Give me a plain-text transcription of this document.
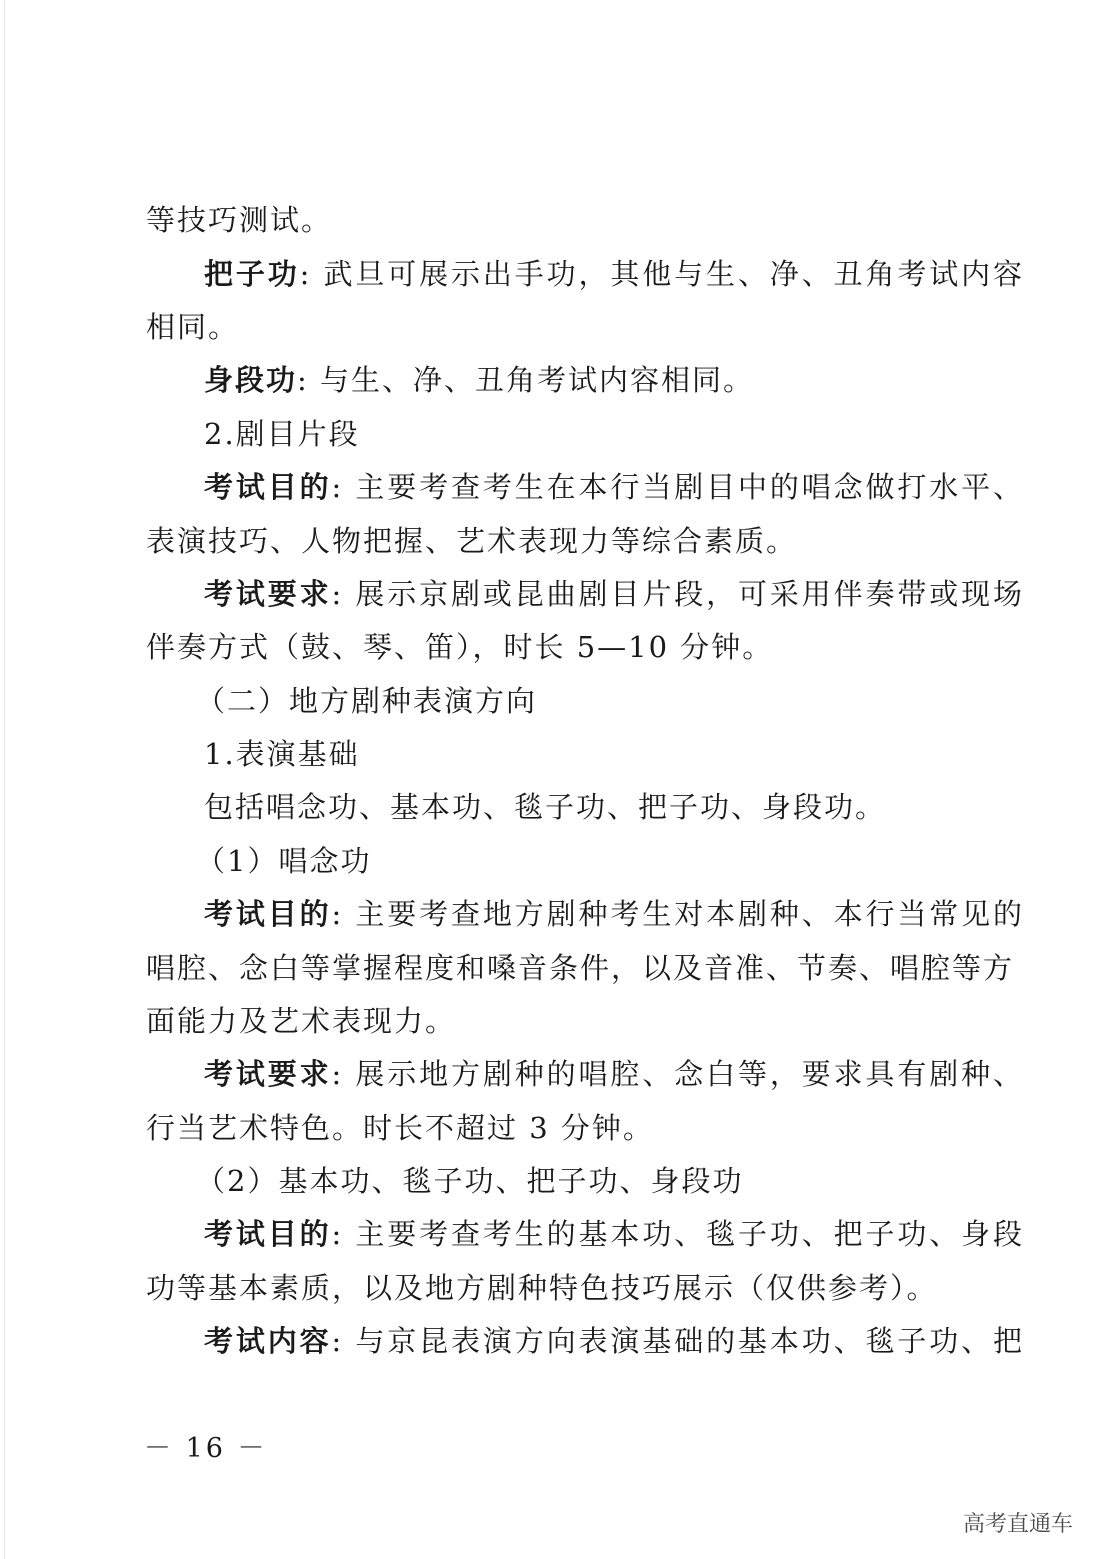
等技巧测试。
把子功: 武旦可展示出手功，其他与生、净、丑角考试内容
相同。
身段功: 与生、净、丑角考试内容相同。
2.剧目片段
考试目的: 主要考查考生在本行当剧目中的唱念做打水平、
表演技巧、人物把握、艺术表现力等综合素质。
考试要求: 展示京剧或昆曲剧目片段，可采用伴奏带或现场
伴奏方式（鼓、琴、笛），时长 5—10 分钟。
（二）地方剧种表演方向
1.表演基础
包括唱念功、基本功、毯子功、把子功、身段功。
（1）唱念功
考试目的: 主要考查地方剧种考生对本剧种、本行当常见的
唱腔、念白等掌握程度和嗓音条件，以及音准、节奏、唱腔等方
面能力及艺术表现力。
考试要求: 展示地方剧种的唱腔、念白等，要求具有剧种、
行当艺术特色。时长不超过 3 分钟。
（2）基本功、毯子功、把子功、身段功
考试目的: 主要考查考生的基本功、毯子功、把子功、身段
功等基本素质，以及地方剧种特色技巧展示（仅供参考）。
考试内容: 与京昆表演方向表演基础的基本功、毯子功、把
－ 16 －
高考直通车
